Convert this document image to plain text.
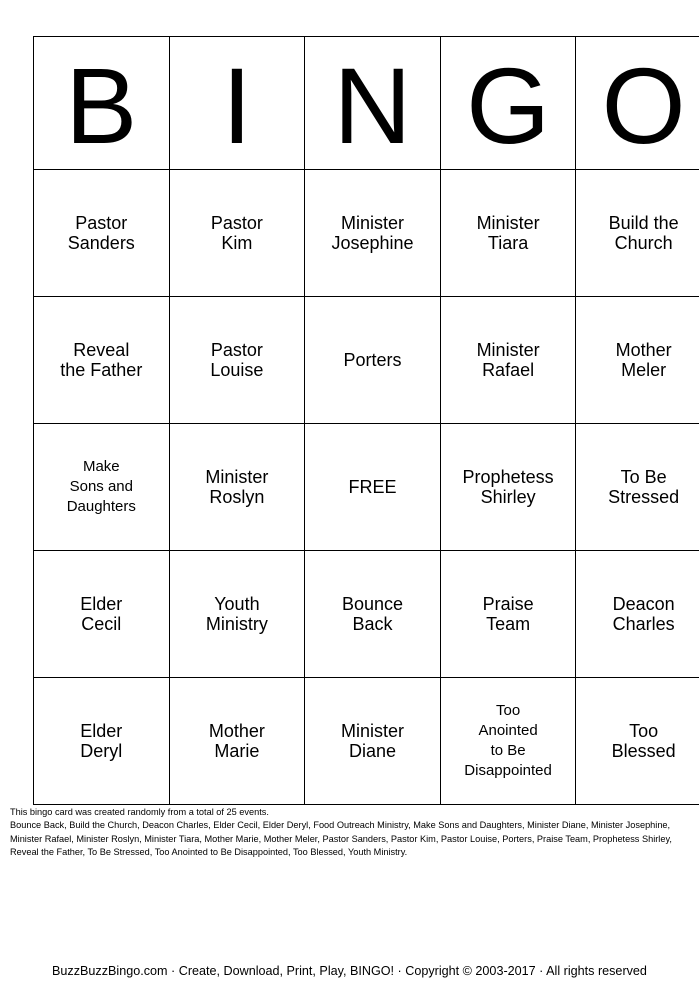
B	I	N	G	O

Pastor
Sanders	Pastor
Kim	Minister
Josephine	Minister
Tiara	Build the
Church

Reveal
the Father	Pastor
Louise	Porters	Minister
Rafael	Mother
Meler

Make
Sons and
Daughters	Minister
Roslyn	FREE	Prophetess
Shirley	To Be
Stressed

Elder
Cecil	Youth
Ministry	Bounce
Back	Praise
Team	Deacon
Charles

Elder
Deryl	Mother
Marie	Minister
Diane	Too
Anointed
to Be
Disappointed	Too
Blessed

This bingo card was created randomly from a total of 25 events.

Bounce Back, Build the Church, Deacon Charles, Elder Cecil, Elder Deryl, Food Outreach Ministry, Make Sons and Daughters, Minister Diane, Minister Josephine, Minister Rafael, Minister Roslyn, Minister Tiara, Mother Marie, Mother Meler, Pastor Sanders, Pastor Kim, Pastor Louise, Porters, Praise Team, Prophetess Shirley, Reveal the Father, To Be Stressed, Too Anointed to Be Disappointed, Too Blessed, Youth Ministry.

BuzzBuzzBingo.com · Create, Download, Print, Play, BINGO! · Copyright © 2003-2017 · All rights reserved
